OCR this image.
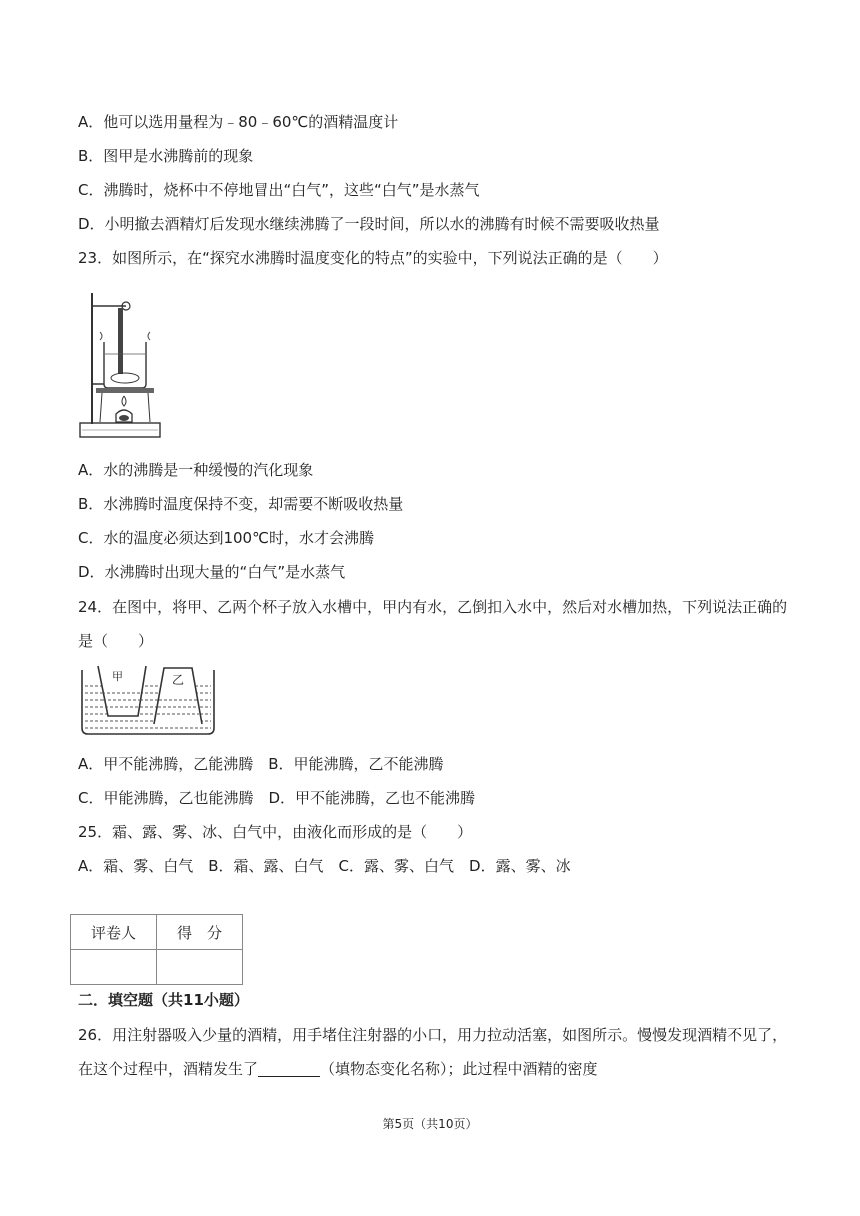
A．他可以选用量程为﹣80﹣60℃的酒精温度计
B．图甲是水沸腾前的现象
C．沸腾时，烧杯中不停地冒出“白气”，这些“白气”是水蒸气
D．小明撤去酒精灯后发现水继续沸腾了一段时间，所以水的沸腾有时候不需要吸收热量
23．如图所示，在“探究水沸腾时温度变化的特点”的实验中，下列说法正确的是（　　）
A．水的沸腾是一种缓慢的汽化现象
B．水沸腾时温度保持不变，却需要不断吸收热量
C．水的温度必须达到100℃时，水才会沸腾
D．水沸腾时出现大量的“白气”是水蒸气
24．在图中，将甲、乙两个杯子放入水槽中，甲内有水，乙倒扣入水中，然后对水槽加热，下列说法正确的是（　　）
甲	乙
A．甲不能沸腾，乙能沸腾　B．甲能沸腾，乙不能沸腾
C．甲能沸腾，乙也能沸腾　D．甲不能沸腾，乙也不能沸腾
25．霜、露、雾、冰、白气中，由液化而形成的是（　　）
A．霜、雾、白气　B．霜、露、白气　C．露、雾、白气　D．露、雾、冰
评卷人	得　分

二．填空题（共11小题）
26．用注射器吸入少量的酒精，用手堵住注射器的小口，用力拉动活塞，如图所示。慢慢发现酒精不见了，在这个过程中，酒精发生了	（填物态变化名称）；此过程中酒精的密度
第5页（共10页）
